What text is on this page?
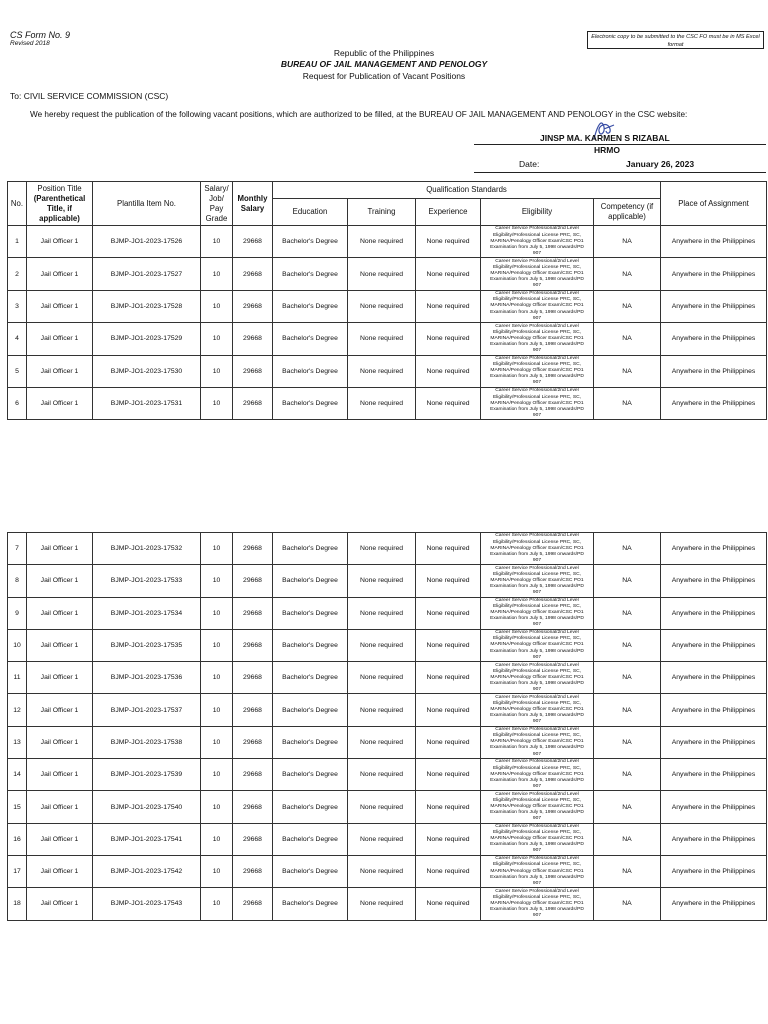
CS Form No. 9
Revised 2018
Electronic copy to be submitted to the CSC FO must be in MS Excel format
Republic of the Philippines
BUREAU OF JAIL MANAGEMENT AND PENOLOGY
Request for Publication of Vacant Positions
To: CIVIL SERVICE COMMISSION (CSC)
We hereby request the publication of the following vacant positions, which are authorized to be filled, at the BUREAU OF JAIL MANAGEMENT AND PENOLOGY in the CSC website:
JINSP MA. KARMEN S RIZABAL
HRMO
Date:	January 26, 2023
No.	Position Title
(Parenthetical Title, if applicable)	Plantilla Item No.	Salary/ Job/ Pay Grade	Monthly Salary	Qualification Standards					Place of Assignment
					Education	Training	Experience	Eligibility	Competency (if applicable)	
1	Jail Officer 1	BJMP-JO1-2023-17526	10	29668	Bachelor's Degree	None required	None required	Career Service Professional/2nd Level
Eligibility/Professional License PRC, SC,
MARINA/Penology Officer Exam/CSC PO1
Examination from July 5, 1998 onwards/PD
907	NA	Anywhere in the Philippines
2	Jail Officer 1	BJMP-JO1-2023-17527	10	29668	Bachelor's Degree	None required	None required	Career Service Professional/2nd Level
Eligibility/Professional License PRC, SC,
MARINA/Penology Officer Exam/CSC PO1
Examination from July 5, 1998 onwards/PD
907	NA	Anywhere in the Philippines
3	Jail Officer 1	BJMP-JO1-2023-17528	10	29668	Bachelor's Degree	None required	None required	Career Service Professional/2nd Level
Eligibility/Professional License PRC, SC,
MARINA/Penology Officer Exam/CSC PO1
Examination from July 5, 1998 onwards/PD
907	NA	Anywhere in the Philippines
4	Jail Officer 1	BJMP-JO1-2023-17529	10	29668	Bachelor's Degree	None required	None required	Career Service Professional/2nd Level
Eligibility/Professional License PRC, SC,
MARINA/Penology Officer Exam/CSC PO1
Examination from July 5, 1998 onwards/PD
907	NA	Anywhere in the Philippines
5	Jail Officer 1	BJMP-JO1-2023-17530	10	29668	Bachelor's Degree	None required	None required	Career Service Professional/2nd Level
Eligibility/Professional License PRC, SC,
MARINA/Penology Officer Exam/CSC PO1
Examination from July 5, 1998 onwards/PD
907	NA	Anywhere in the Philippines
6	Jail Officer 1	BJMP-JO1-2023-17531	10	29668	Bachelor's Degree	None required	None required	Career Service Professional/2nd Level
Eligibility/Professional License PRC, SC,
MARINA/Penology Officer Exam/CSC PO1
Examination from July 5, 1998 onwards/PD
907	NA	Anywhere in the Philippines
7	Jail Officer 1	BJMP-JO1-2023-17532	10	29668	Bachelor's Degree	None required	None required	Career Service Professional/2nd Level
Eligibility/Professional License PRC, SC,
MARINA/Penology Officer Exam/CSC PO1
Examination from July 5, 1998 onwards/PD
907	NA	Anywhere in the Philippines
8	Jail Officer 1	BJMP-JO1-2023-17533	10	29668	Bachelor's Degree	None required	None required	Career Service Professional/2nd Level
Eligibility/Professional License PRC, SC,
MARINA/Penology Officer Exam/CSC PO1
Examination from July 5, 1998 onwards/PD
907	NA	Anywhere in the Philippines
9	Jail Officer 1	BJMP-JO1-2023-17534	10	29668	Bachelor's Degree	None required	None required	Career Service Professional/2nd Level
Eligibility/Professional License PRC, SC,
MARINA/Penology Officer Exam/CSC PO1
Examination from July 5, 1998 onwards/PD
907	NA	Anywhere in the Philippines
10	Jail Officer 1	BJMP-JO1-2023-17535	10	29668	Bachelor's Degree	None required	None required	Career Service Professional/2nd Level
Eligibility/Professional License PRC, SC,
MARINA/Penology Officer Exam/CSC PO1
Examination from July 5, 1998 onwards/PD
907	NA	Anywhere in the Philippines
11	Jail Officer 1	BJMP-JO1-2023-17536	10	29668	Bachelor's Degree	None required	None required	Career Service Professional/2nd Level
Eligibility/Professional License PRC, SC,
MARINA/Penology Officer Exam/CSC PO1
Examination from July 5, 1998 onwards/PD
907	NA	Anywhere in the Philippines
12	Jail Officer 1	BJMP-JO1-2023-17537	10	29668	Bachelor's Degree	None required	None required	Career Service Professional/2nd Level
Eligibility/Professional License PRC, SC,
MARINA/Penology Officer Exam/CSC PO1
Examination from July 5, 1998 onwards/PD
907	NA	Anywhere in the Philippines
13	Jail Officer 1	BJMP-JO1-2023-17538	10	29668	Bachelor's Degree	None required	None required	Career Service Professional/2nd Level
Eligibility/Professional License PRC, SC,
MARINA/Penology Officer Exam/CSC PO1
Examination from July 5, 1998 onwards/PD
907	NA	Anywhere in the Philippines
14	Jail Officer 1	BJMP-JO1-2023-17539	10	29668	Bachelor's Degree	None required	None required	Career Service Professional/2nd Level
Eligibility/Professional License PRC, SC,
MARINA/Penology Officer Exam/CSC PO1
Examination from July 5, 1998 onwards/PD
907	NA	Anywhere in the Philippines
15	Jail Officer 1	BJMP-JO1-2023-17540	10	29668	Bachelor's Degree	None required	None required	Career Service Professional/2nd Level
Eligibility/Professional License PRC, SC,
MARINA/Penology Officer Exam/CSC PO1
Examination from July 5, 1998 onwards/PD
907	NA	Anywhere in the Philippines
16	Jail Officer 1	BJMP-JO1-2023-17541	10	29668	Bachelor's Degree	None required	None required	Career Service Professional/2nd Level
Eligibility/Professional License PRC, SC,
MARINA/Penology Officer Exam/CSC PO1
Examination from July 5, 1998 onwards/PD
907	NA	Anywhere in the Philippines
17	Jail Officer 1	BJMP-JO1-2023-17542	10	29668	Bachelor's Degree	None required	None required	Career Service Professional/2nd Level
Eligibility/Professional License PRC, SC,
MARINA/Penology Officer Exam/CSC PO1
Examination from July 5, 1998 onwards/PD
907	NA	Anywhere in the Philippines
18	Jail Officer 1	BJMP-JO1-2023-17543	10	29668	Bachelor's Degree	None required	None required	Career Service Professional/2nd Level
Eligibility/Professional License PRC, SC,
MARINA/Penology Officer Exam/CSC PO1
Examination from July 5, 1998 onwards/PD
907	NA	Anywhere in the Philippines
